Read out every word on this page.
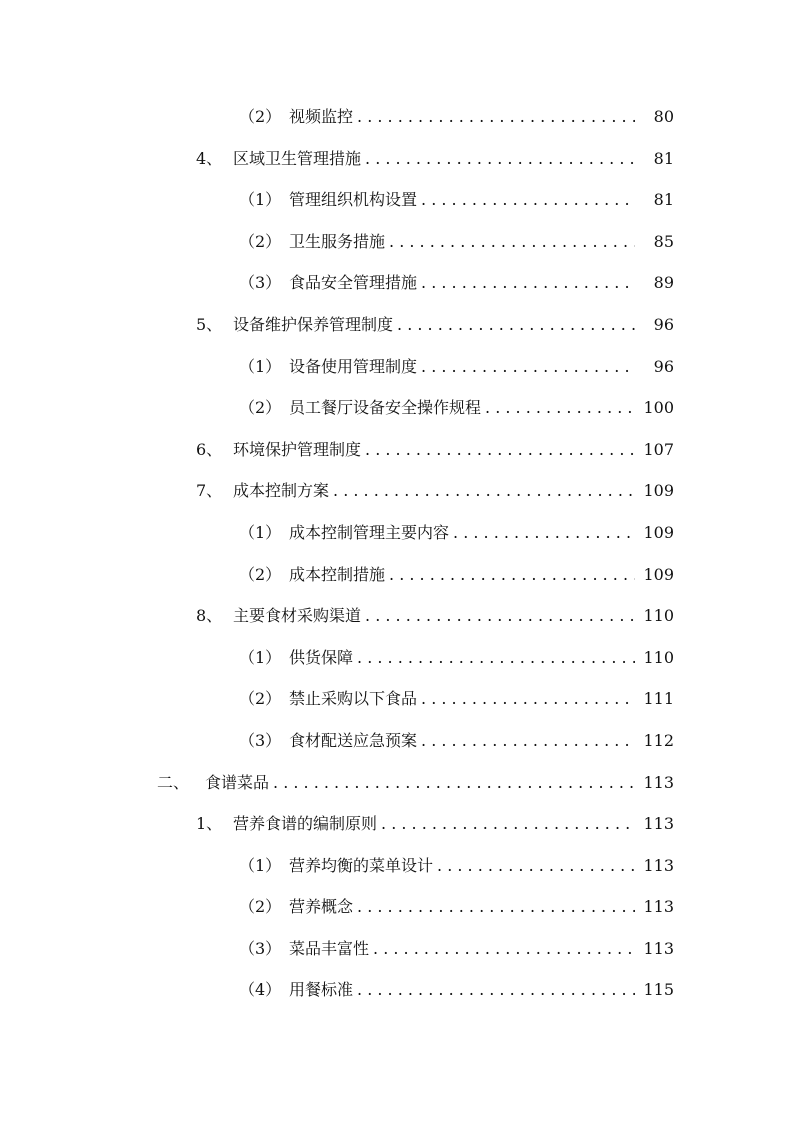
（2） 视频监控 . . .	80
4、 区域卫生管理措施 . . .	81
（1） 管理组织机构设置 . . .	81
（2） 卫生服务措施 . . .	85
（3） 食品安全管理措施 . . .	89
5、 设备维护保养管理制度 . . .	96
（1） 设备使用管理制度 . . .	96
（2） 员工餐厅设备安全操作规程 . . .	100
6、 环境保护管理制度 . . .	107
7、 成本控制方案 . . .	109
（1） 成本控制管理主要内容 . . .	109
（2） 成本控制措施 . . .	109
8、 主要食材采购渠道 . . .	110
（1） 供货保障 . . .	110
（2） 禁止采购以下食品 . . .	111
（3） 食材配送应急预案 . . .	112
二、 食谱菜品 . . .	113
1、 营养食谱的编制原则 . . .	113
（1） 营养均衡的菜单设计 . . .	113
（2） 营养概念 . . .	113
（3） 菜品丰富性 . . .	113
（4） 用餐标准 . . .	115
